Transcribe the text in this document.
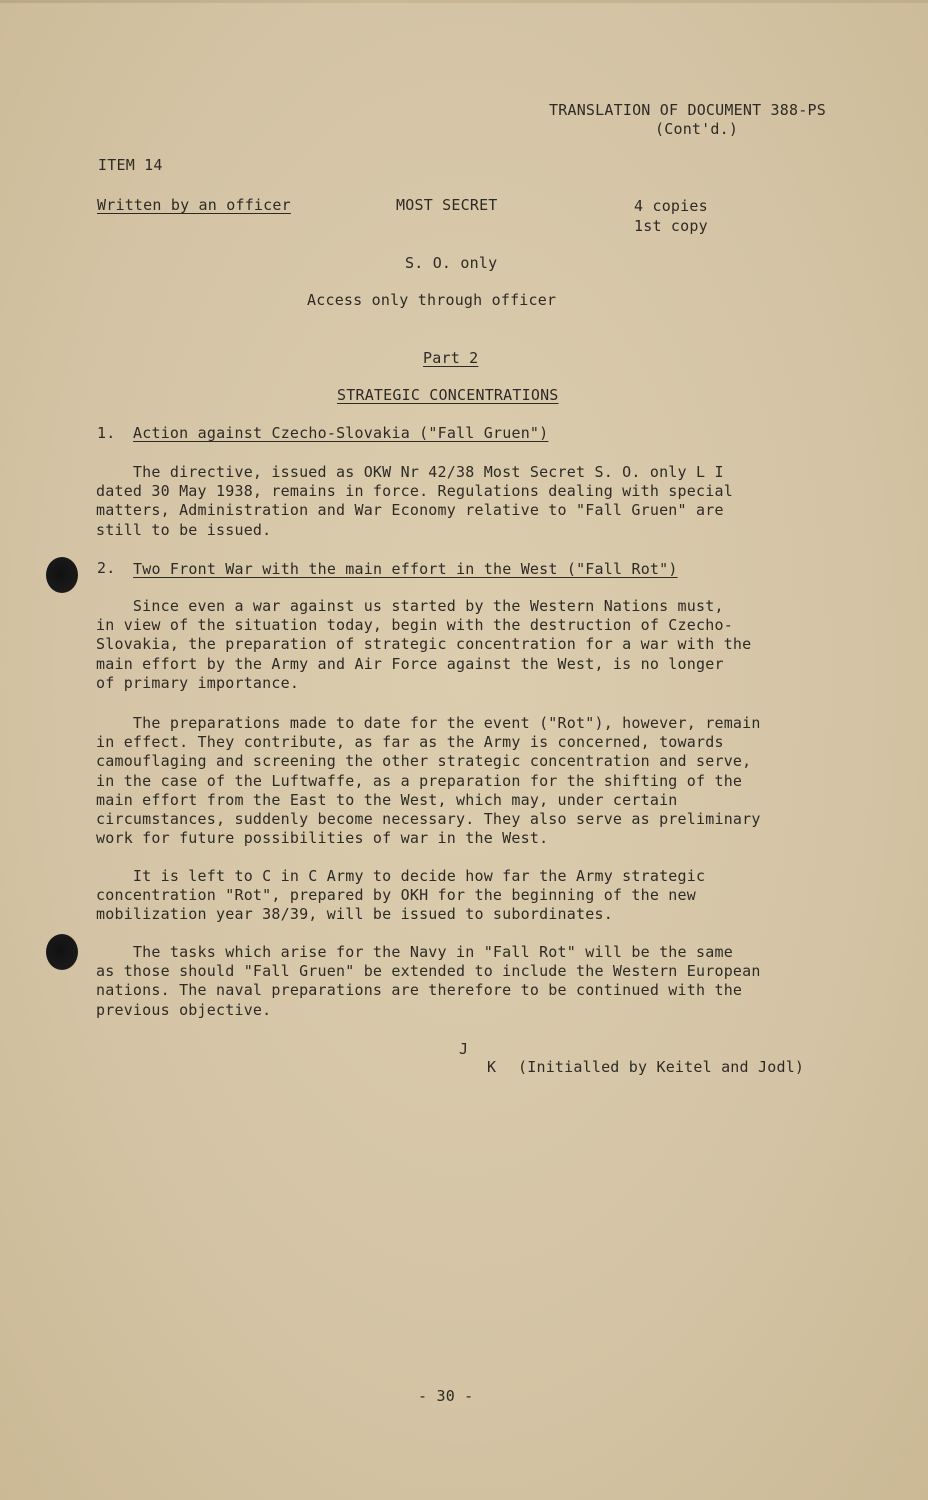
TRANSLATION OF DOCUMENT 388-PS
(Cont'd.)
ITEM 14
Written by an officer	MOST SECRET	4 copies
1st copy
S. O. only
Access only through officer
Part 2
STRATEGIC CONCENTRATIONS
1. Action against Czecho-Slovakia ("Fall Gruen")
The directive, issued as OKW Nr 42/38 Most Secret S. O. only L I
dated 30 May 1938, remains in force. Regulations dealing with special
matters, Administration and War Economy relative to "Fall Gruen" are
still to be issued.
2. Two Front War with the main effort in the West ("Fall Rot")
Since even a war against us started by the Western Nations must,
in view of the situation today, begin with the destruction of Czecho-
Slovakia, the preparation of strategic concentration for a war with the
main effort by the Army and Air Force against the West, is no longer
of primary importance.
The preparations made to date for the event ("Rot"), however, remain
in effect. They contribute, as far as the Army is concerned, towards
camouflaging and screening the other strategic concentration and serve,
in the case of the Luftwaffe, as a preparation for the shifting of the
main effort from the East to the West, which may, under certain
circumstances, suddenly become necessary. They also serve as preliminary
work for future possibilities of war in the West.
It is left to C in C Army to decide how far the Army strategic
concentration "Rot", prepared by OKH for the beginning of the new
mobilization year 38/39, will be issued to subordinates.
The tasks which arise for the Navy in "Fall Rot" will be the same
as those should "Fall Gruen" be extended to include the Western European
nations. The naval preparations are therefore to be continued with the
previous objective.
J
K (Initialled by Keitel and Jodl)
- 30 -
